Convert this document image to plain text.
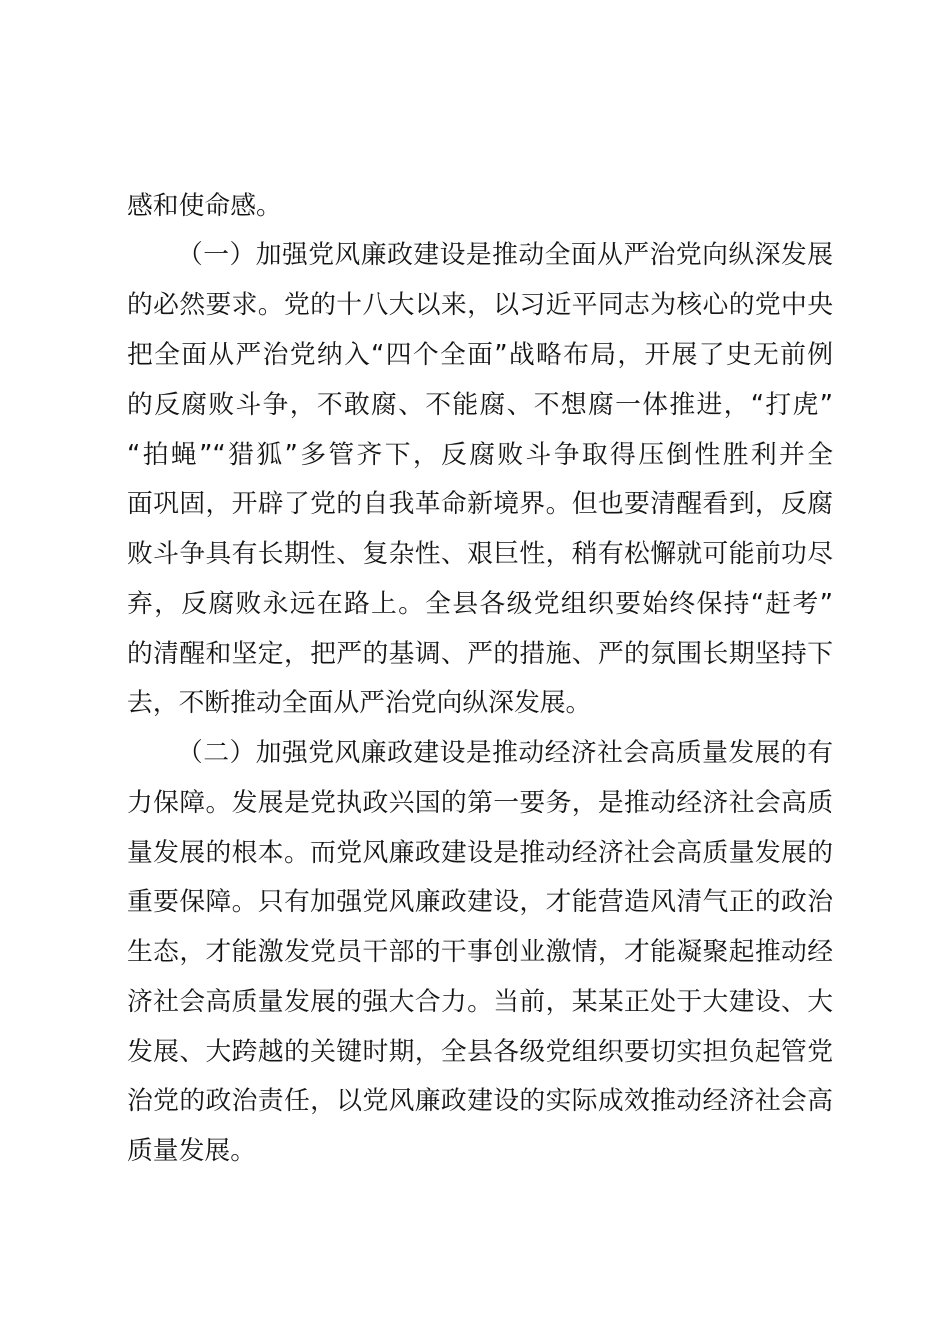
感和使命感。
（一）加强党风廉政建设是推动全面从严治党向纵深发展
的必然要求。党的十八大以来，以习近平同志为核心的党中央
把全面从严治党纳入“四个全面”战略布局，开展了史无前例
的反腐败斗争，不敢腐、不能腐、不想腐一体推进，“打虎”
“拍蝇”“猎狐”多管齐下，反腐败斗争取得压倒性胜利并全
面巩固，开辟了党的自我革命新境界。但也要清醒看到，反腐
败斗争具有长期性、复杂性、艰巨性，稍有松懈就可能前功尽
弃，反腐败永远在路上。全县各级党组织要始终保持“赶考”
的清醒和坚定，把严的基调、严的措施、严的氛围长期坚持下
去，不断推动全面从严治党向纵深发展。
（二）加强党风廉政建设是推动经济社会高质量发展的有
力保障。发展是党执政兴国的第一要务，是推动经济社会高质
量发展的根本。而党风廉政建设是推动经济社会高质量发展的
重要保障。只有加强党风廉政建设，才能营造风清气正的政治
生态，才能激发党员干部的干事创业激情，才能凝聚起推动经
济社会高质量发展的强大合力。当前，某某正处于大建设、大
发展、大跨越的关键时期，全县各级党组织要切实担负起管党
治党的政治责任，以党风廉政建设的实际成效推动经济社会高
质量发展。
